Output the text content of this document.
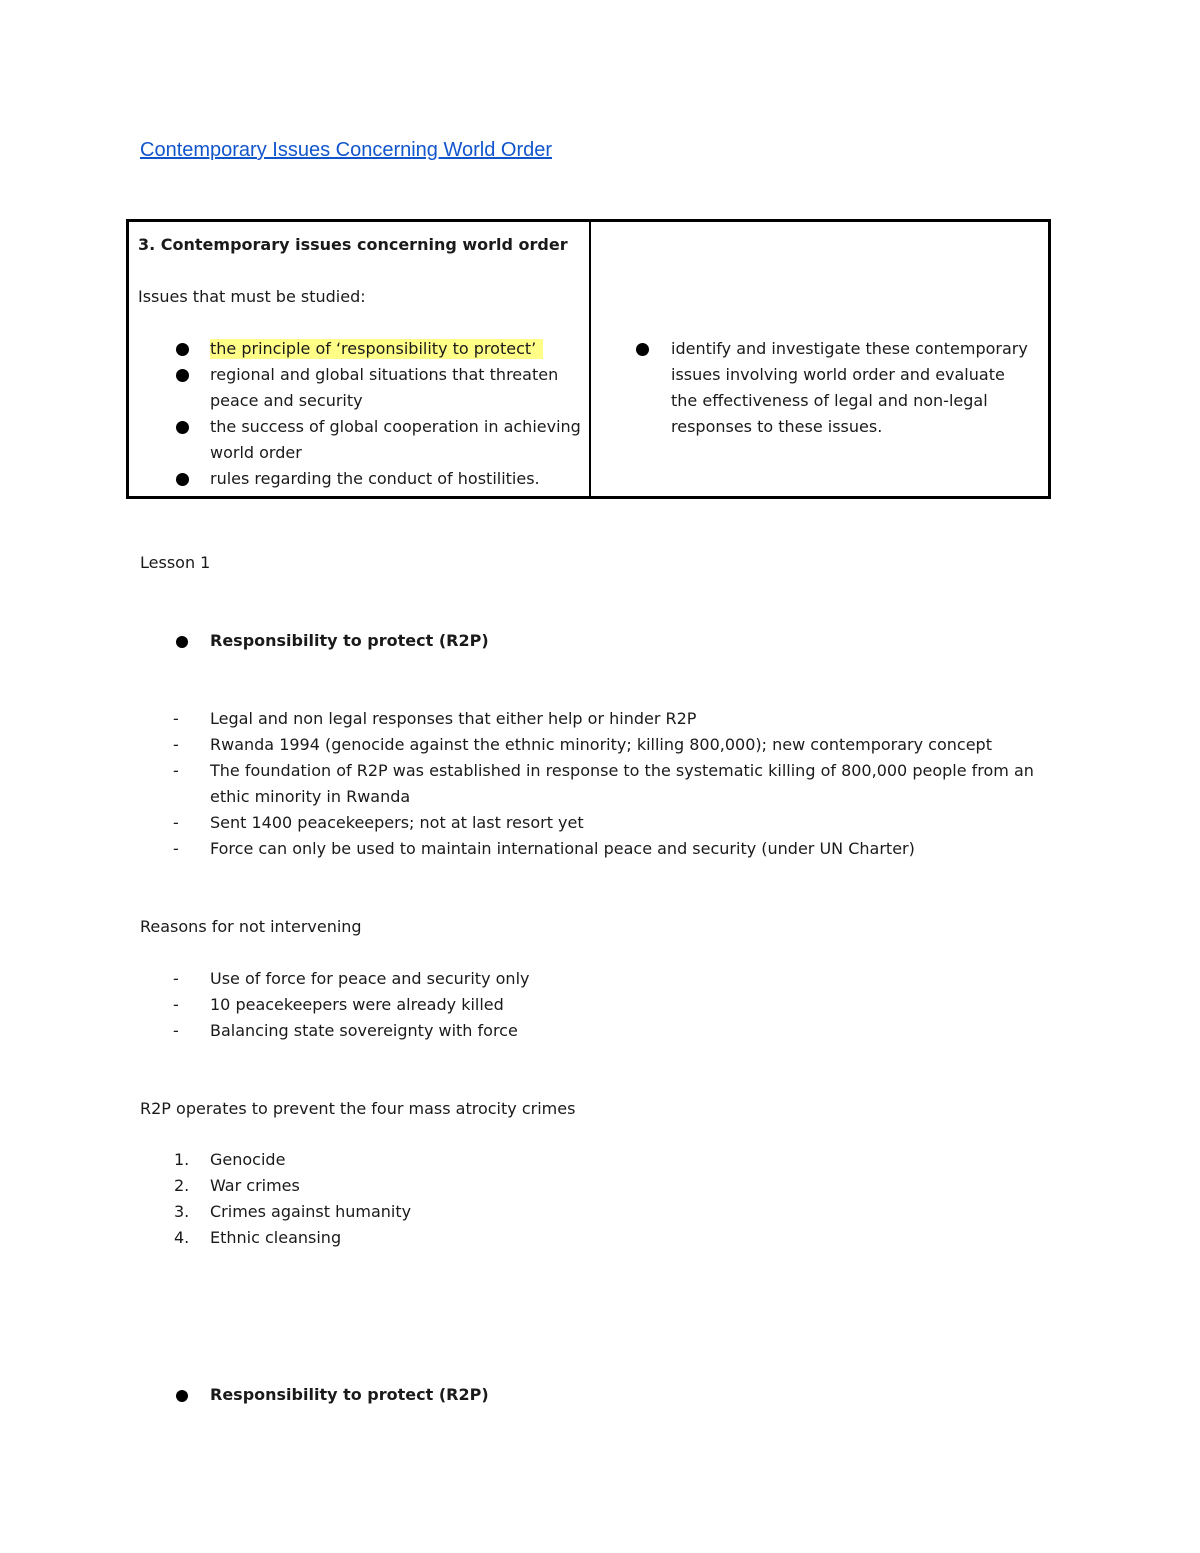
Contemporary Issues Concerning World Order

3. Contemporary issues concerning world order

Issues that must be studied:

the principle of ‘responsibility to protect’
regional and global situations that threaten peace and security
the success of global cooperation in achieving world order
rules regarding the conduct of hostilities.
identify and investigate these contemporary issues involving world order and evaluate the effectiveness of legal and non-legal responses to these issues.
Lesson 1
Responsibility to protect (R2P)
- Legal and non legal responses that either help or hinder R2P
- Rwanda 1994 (genocide against the ethnic minority; killing 800,000); new contemporary concept
- The foundation of R2P was established in response to the systematic killing of 800,000 people from an ethic minority in Rwanda
- Sent 1400 peacekeepers; not at last resort yet
- Force can only be used to maintain international peace and security (under UN Charter)
Reasons for not intervening
- Use of force for peace and security only
- 10 peacekeepers were already killed
- Balancing state sovereignty with force
R2P operates to prevent the four mass atrocity crimes
1. Genocide
2. War crimes
3. Crimes against humanity
4. Ethnic cleansing
Responsibility to protect (R2P)
